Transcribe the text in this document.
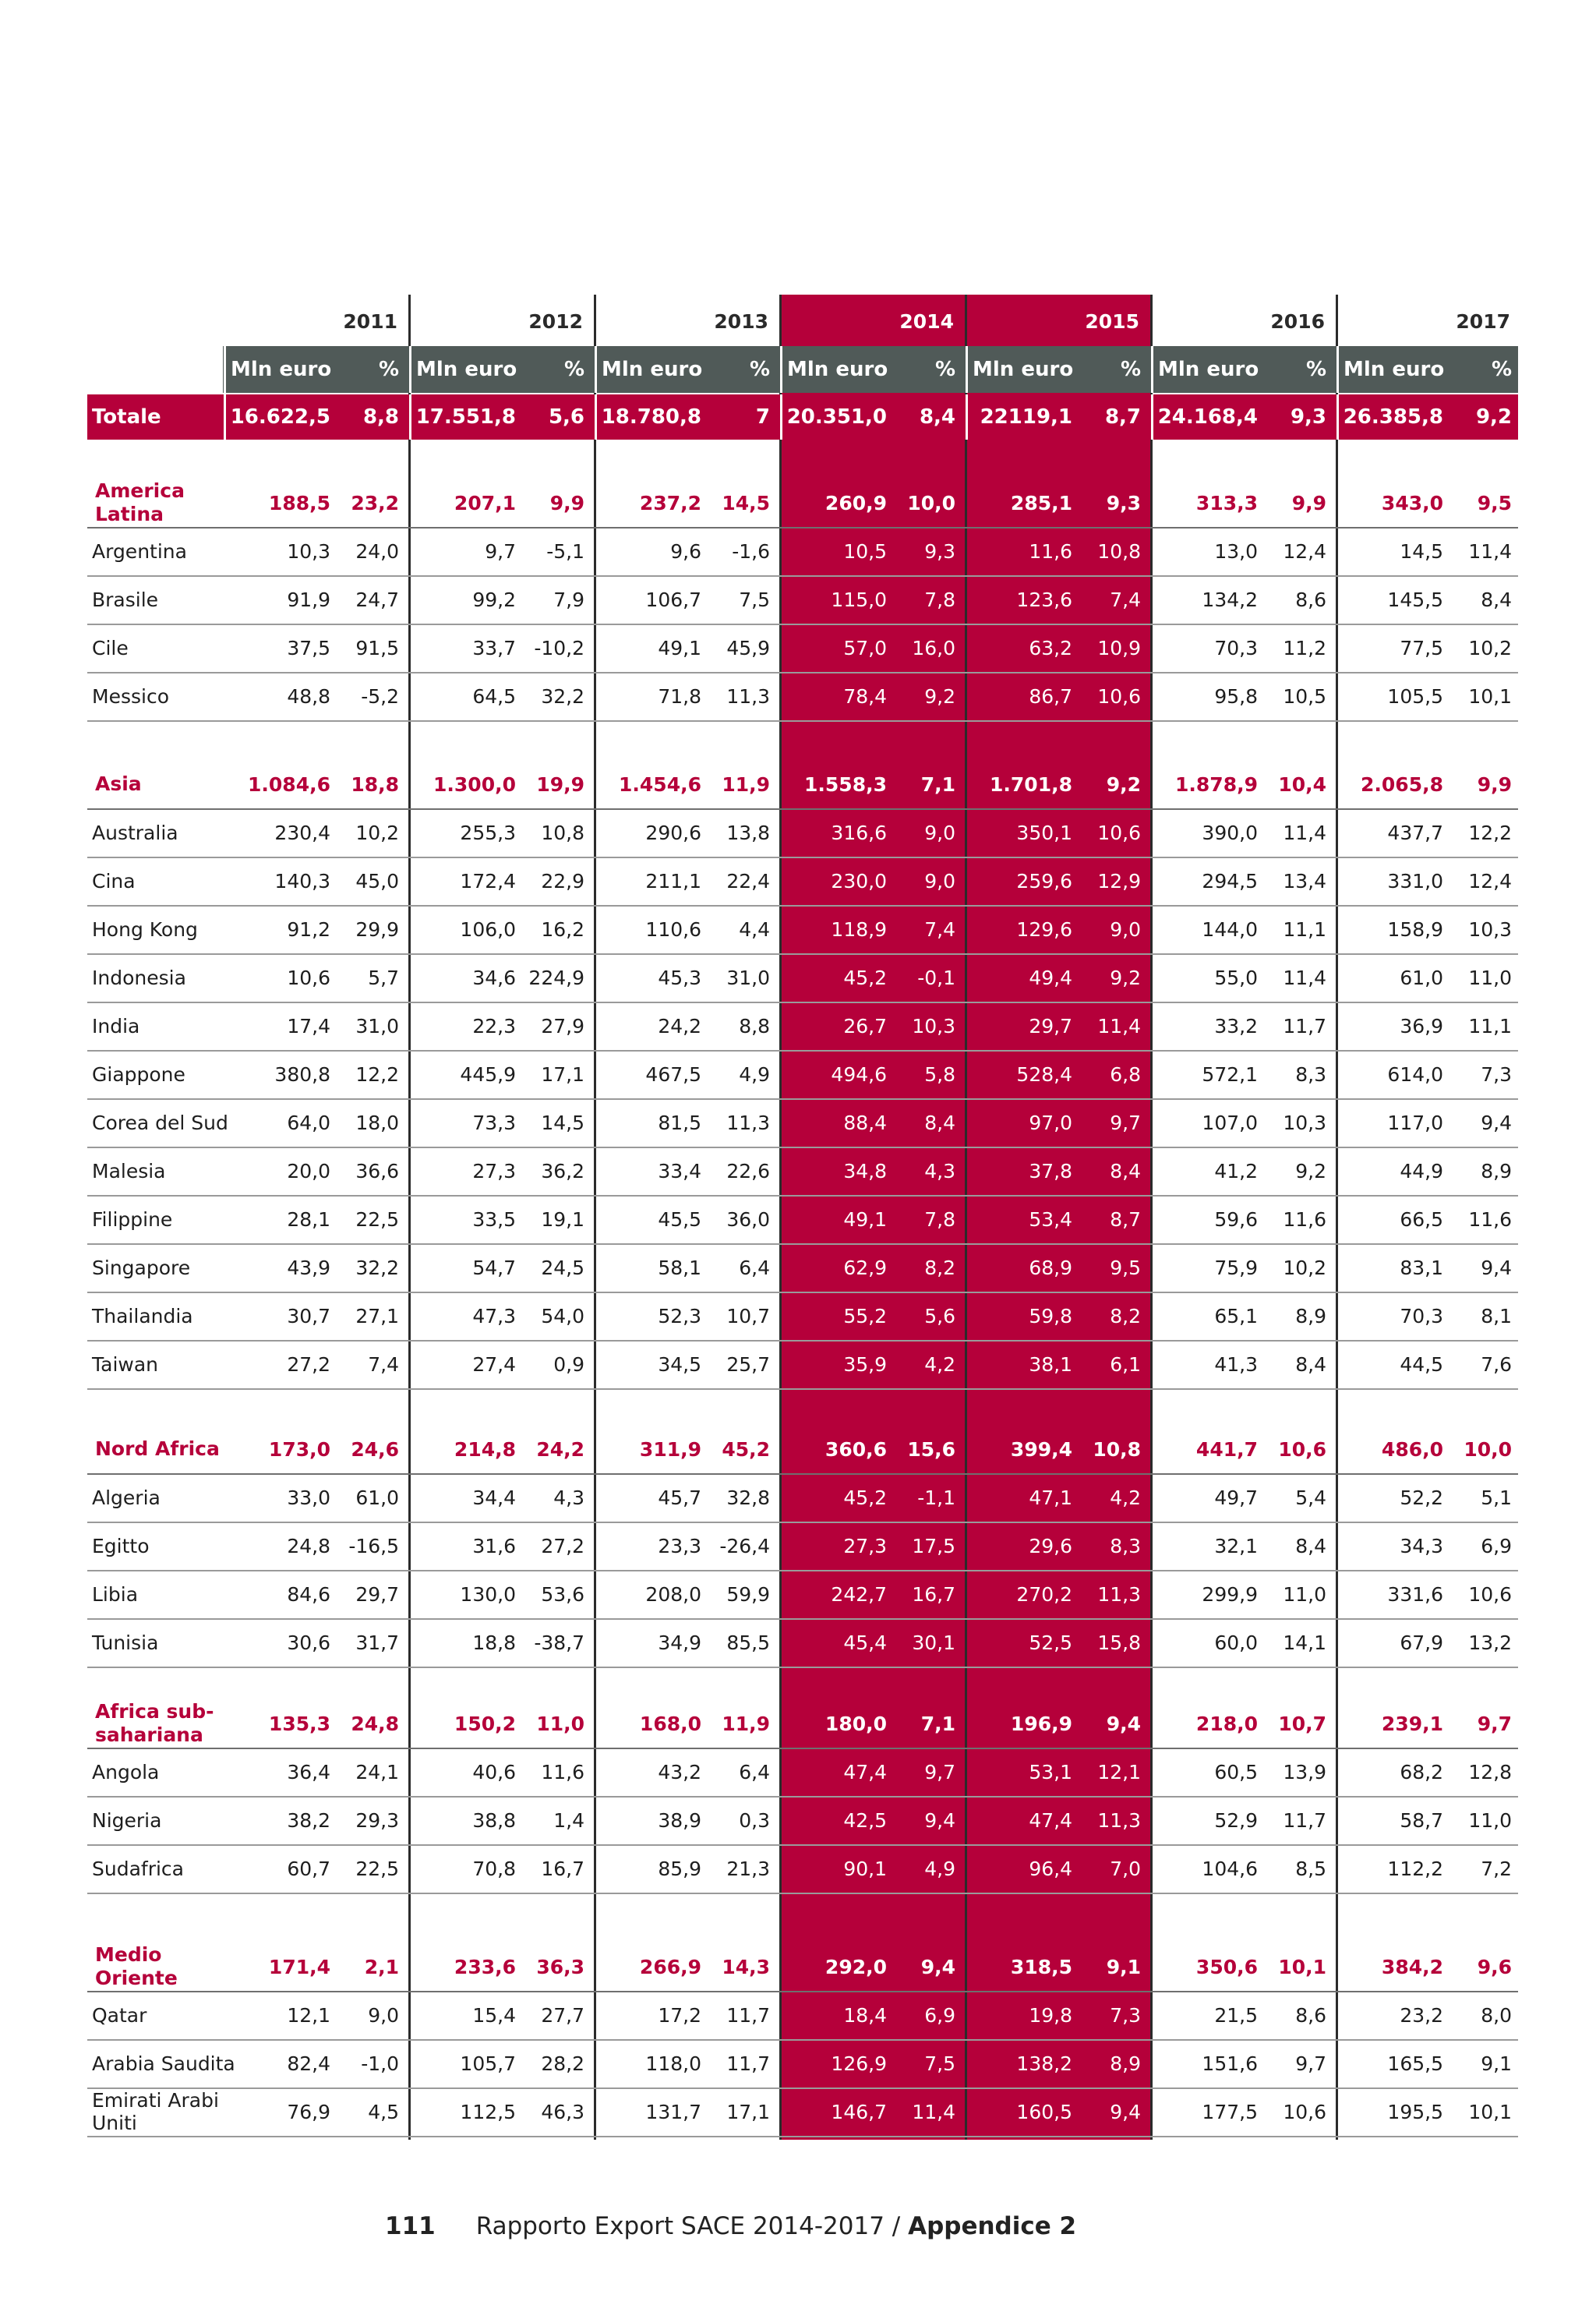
2011	2012	2013	2014	2015	2016	2017
Mln euro	% Mln euro	% Mln euro	% Mln euro	% Mln euro	% Mln euro	% Mln euro	%
Totale	16.622,5	8,8 17.551,8	5,6 18.780,8	7 20.351,0	8,4	22119,1	8,7 24.168,4	9,3 26.385,8	9,2
America Latina	188,5	23,2	207,1	9,9	237,2	14,5	260,9	10,0	285,1	9,3	313,3	9,9	343,0	9,5
Argentina	10,3	24,0	9,7	-5,1	9,6	-1,6	10,5	9,3	11,6	10,8	13,0	12,4	14,5	11,4
Brasile	91,9	24,7	99,2	7,9	106,7	7,5	115,0	7,8	123,6	7,4	134,2	8,6	145,5	8,4
Cile	37,5	91,5	33,7 -10,2	49,1	45,9	57,0	16,0	63,2	10,9	70,3	11,2	77,5	10,2
Messico	48,8	-5,2	64,5	32,2	71,8	11,3	78,4	9,2	86,7	10,6	95,8	10,5	105,5	10,1
Asia	1.084,6	18,8	1.300,0	19,9	1.454,6	11,9	1.558,3	7,1	1.701,8	9,2	1.878,9	10,4	2.065,8	9,9
Australia	230,4	10,2	255,3	10,8	290,6	13,8	316,6	9,0	350,1	10,6	390,0	11,4	437,7	12,2
Cina	140,3	45,0	172,4	22,9	211,1	22,4	230,0	9,0	259,6	12,9	294,5	13,4	331,0	12,4
Hong Kong	91,2	29,9	106,0	16,2	110,6	4,4	118,9	7,4	129,6	9,0	144,0	11,1	158,9	10,3
Indonesia	10,6	5,7	34,6 224,9	45,3	31,0	45,2	-0,1	49,4	9,2	55,0	11,4	61,0	11,0
India	17,4	31,0	22,3	27,9	24,2	8,8	26,7	10,3	29,7	11,4	33,2	11,7	36,9	11,1
Giappone	380,8	12,2	445,9	17,1	467,5	4,9	494,6	5,8	528,4	6,8	572,1	8,3	614,0	7,3
Corea del Sud	64,0	18,0	73,3	14,5	81,5	11,3	88,4	8,4	97,0	9,7	107,0	10,3	117,0	9,4
Malesia	20,0	36,6	27,3	36,2	33,4	22,6	34,8	4,3	37,8	8,4	41,2	9,2	44,9	8,9
Filippine	28,1	22,5	33,5	19,1	45,5	36,0	49,1	7,8	53,4	8,7	59,6	11,6	66,5	11,6
Singapore	43,9	32,2	54,7	24,5	58,1	6,4	62,9	8,2	68,9	9,5	75,9	10,2	83,1	9,4
Thailandia	30,7	27,1	47,3	54,0	52,3	10,7	55,2	5,6	59,8	8,2	65,1	8,9	70,3	8,1
Taiwan	27,2	7,4	27,4	0,9	34,5	25,7	35,9	4,2	38,1	6,1	41,3	8,4	44,5	7,6
Nord Africa	173,0	24,6	214,8	24,2	311,9	45,2	360,6	15,6	399,4	10,8	441,7	10,6	486,0	10,0
Algeria	33,0	61,0	34,4	4,3	45,7	32,8	45,2	-1,1	47,1	4,2	49,7	5,4	52,2	5,1
Egitto	24,8 -16,5	31,6	27,2	23,3 -26,4	27,3	17,5	29,6	8,3	32,1	8,4	34,3	6,9
Libia	84,6	29,7	130,0	53,6	208,0	59,9	242,7	16,7	270,2	11,3	299,9	11,0	331,6	10,6
Tunisia	30,6	31,7	18,8 -38,7	34,9	85,5	45,4	30,1	52,5	15,8	60,0	14,1	67,9	13,2
Africa sub-sahariana	135,3	24,8	150,2	11,0	168,0	11,9	180,0	7,1	196,9	9,4	218,0	10,7	239,1	9,7
Angola	36,4	24,1	40,6	11,6	43,2	6,4	47,4	9,7	53,1	12,1	60,5	13,9	68,2	12,8
Nigeria	38,2	29,3	38,8	1,4	38,9	0,3	42,5	9,4	47,4	11,3	52,9	11,7	58,7	11,0
Sudafrica	60,7	22,5	70,8	16,7	85,9	21,3	90,1	4,9	96,4	7,0	104,6	8,5	112,2	7,2
Medio Oriente	171,4	2,1	233,6	36,3	266,9	14,3	292,0	9,4	318,5	9,1	350,6	10,1	384,2	9,6
Qatar	12,1	9,0	15,4	27,7	17,2	11,7	18,4	6,9	19,8	7,3	21,5	8,6	23,2	8,0
Arabia Saudita	82,4	-1,0	105,7	28,2	118,0	11,7	126,9	7,5	138,2	8,9	151,6	9,7	165,5	9,1
Emirati Arabi Uniti	76,9	4,5	112,5	46,3	131,7	17,1	146,7	11,4	160,5	9,4	177,5	10,6	195,5	10,1
111 Rapporto Export SACE 2014-2017 / Appendice 2
